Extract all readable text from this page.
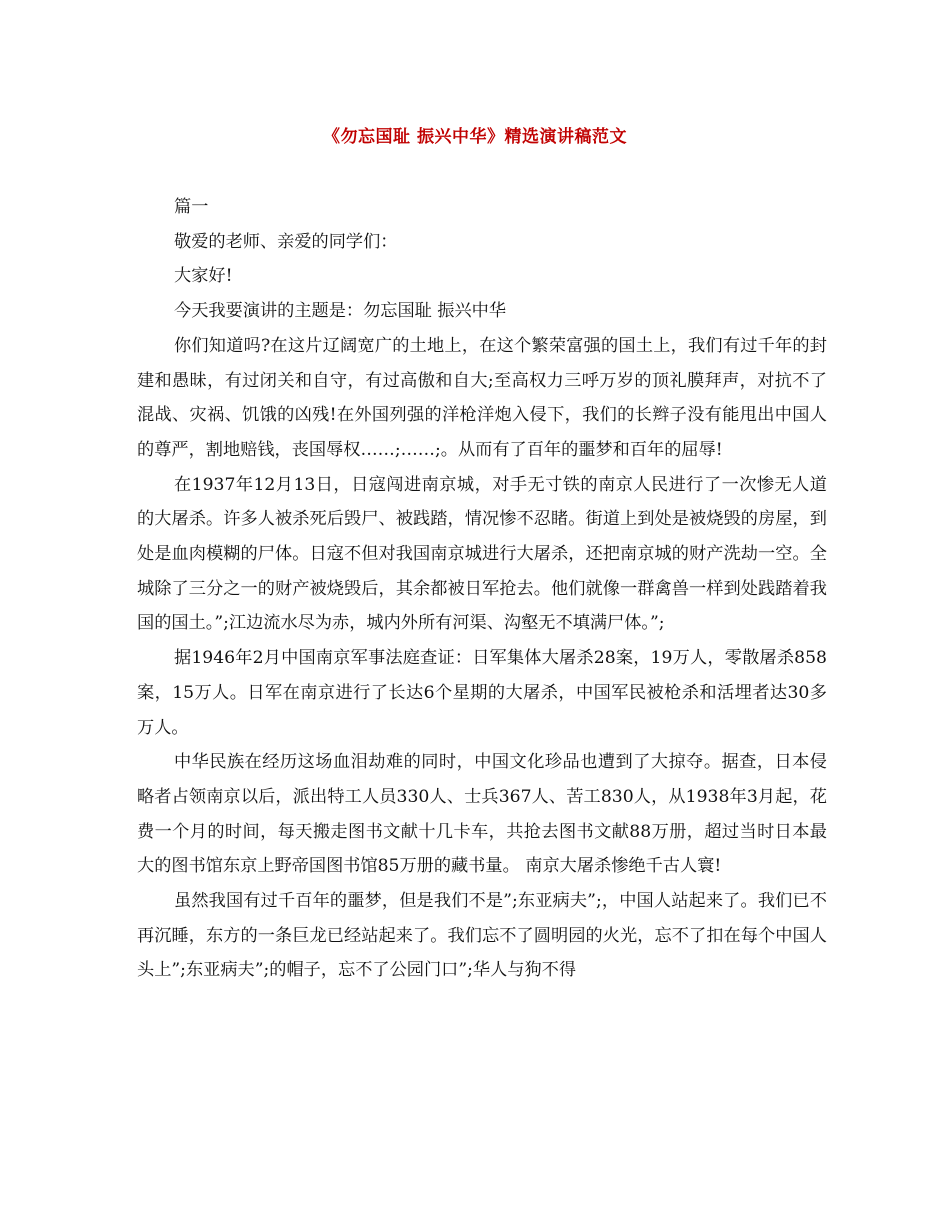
《勿忘国耻 振兴中华》精选演讲稿范文

篇一

敬爱的老师、亲爱的同学们：

大家好!

今天我要演讲的主题是：勿忘国耻 振兴中华

你们知道吗?在这片辽阔宽广的土地上，在这个繁荣富强的国土上，我们有过千年的封建和愚昧，有过闭关和自守，有过高傲和自大;至高权力三呼万岁的顶礼膜拜声，对抗不了混战、灾祸、饥饿的凶残!在外国列强的洋枪洋炮入侵下，我们的长辫子没有能甩出中国人的尊严，割地赔钱，丧国辱权……;……;。从而有了百年的噩梦和百年的屈辱!

在1937年12月13日，日寇闯进南京城，对手无寸铁的南京人民进行了一次惨无人道的大屠杀。许多人被杀死后毁尸、被践踏，情况惨不忍睹。街道上到处是被烧毁的房屋，到处是血肉模糊的尸体。日寇不但对我国南京城进行大屠杀，还把南京城的财产洗劫一空。全城除了三分之一的财产被烧毁后，其余都被日军抢去。他们就像一群禽兽一样到处践踏着我国的国土。”;江边流水尽为赤，城内外所有河渠、沟壑无不填满尸体。”;

据1946年2月中国南京军事法庭查证：日军集体大屠杀28案，19万人，零散屠杀858案，15万人。日军在南京进行了长达6个星期的大屠杀，中国军民被枪杀和活埋者达30多万人。

中华民族在经历这场血泪劫难的同时，中国文化珍品也遭到了大掠夺。据查，日本侵略者占领南京以后，派出特工人员330人、士兵367人、苦工830人，从1938年3月起，花费一个月的时间，每天搬走图书文献十几卡车，共抢去图书文献88万册，超过当时日本最大的图书馆东京上野帝国图书馆85万册的藏书量。 南京大屠杀惨绝千古人寰!

虽然我国有过千百年的噩梦，但是我们不是”;东亚病夫”;，中国人站起来了。我们已不再沉睡，东方的一条巨龙已经站起来了。我们忘不了圆明园的火光，忘不了扣在每个中国人头上”;东亚病夫”;的帽子，忘不了公园门口”;华人与狗不得
